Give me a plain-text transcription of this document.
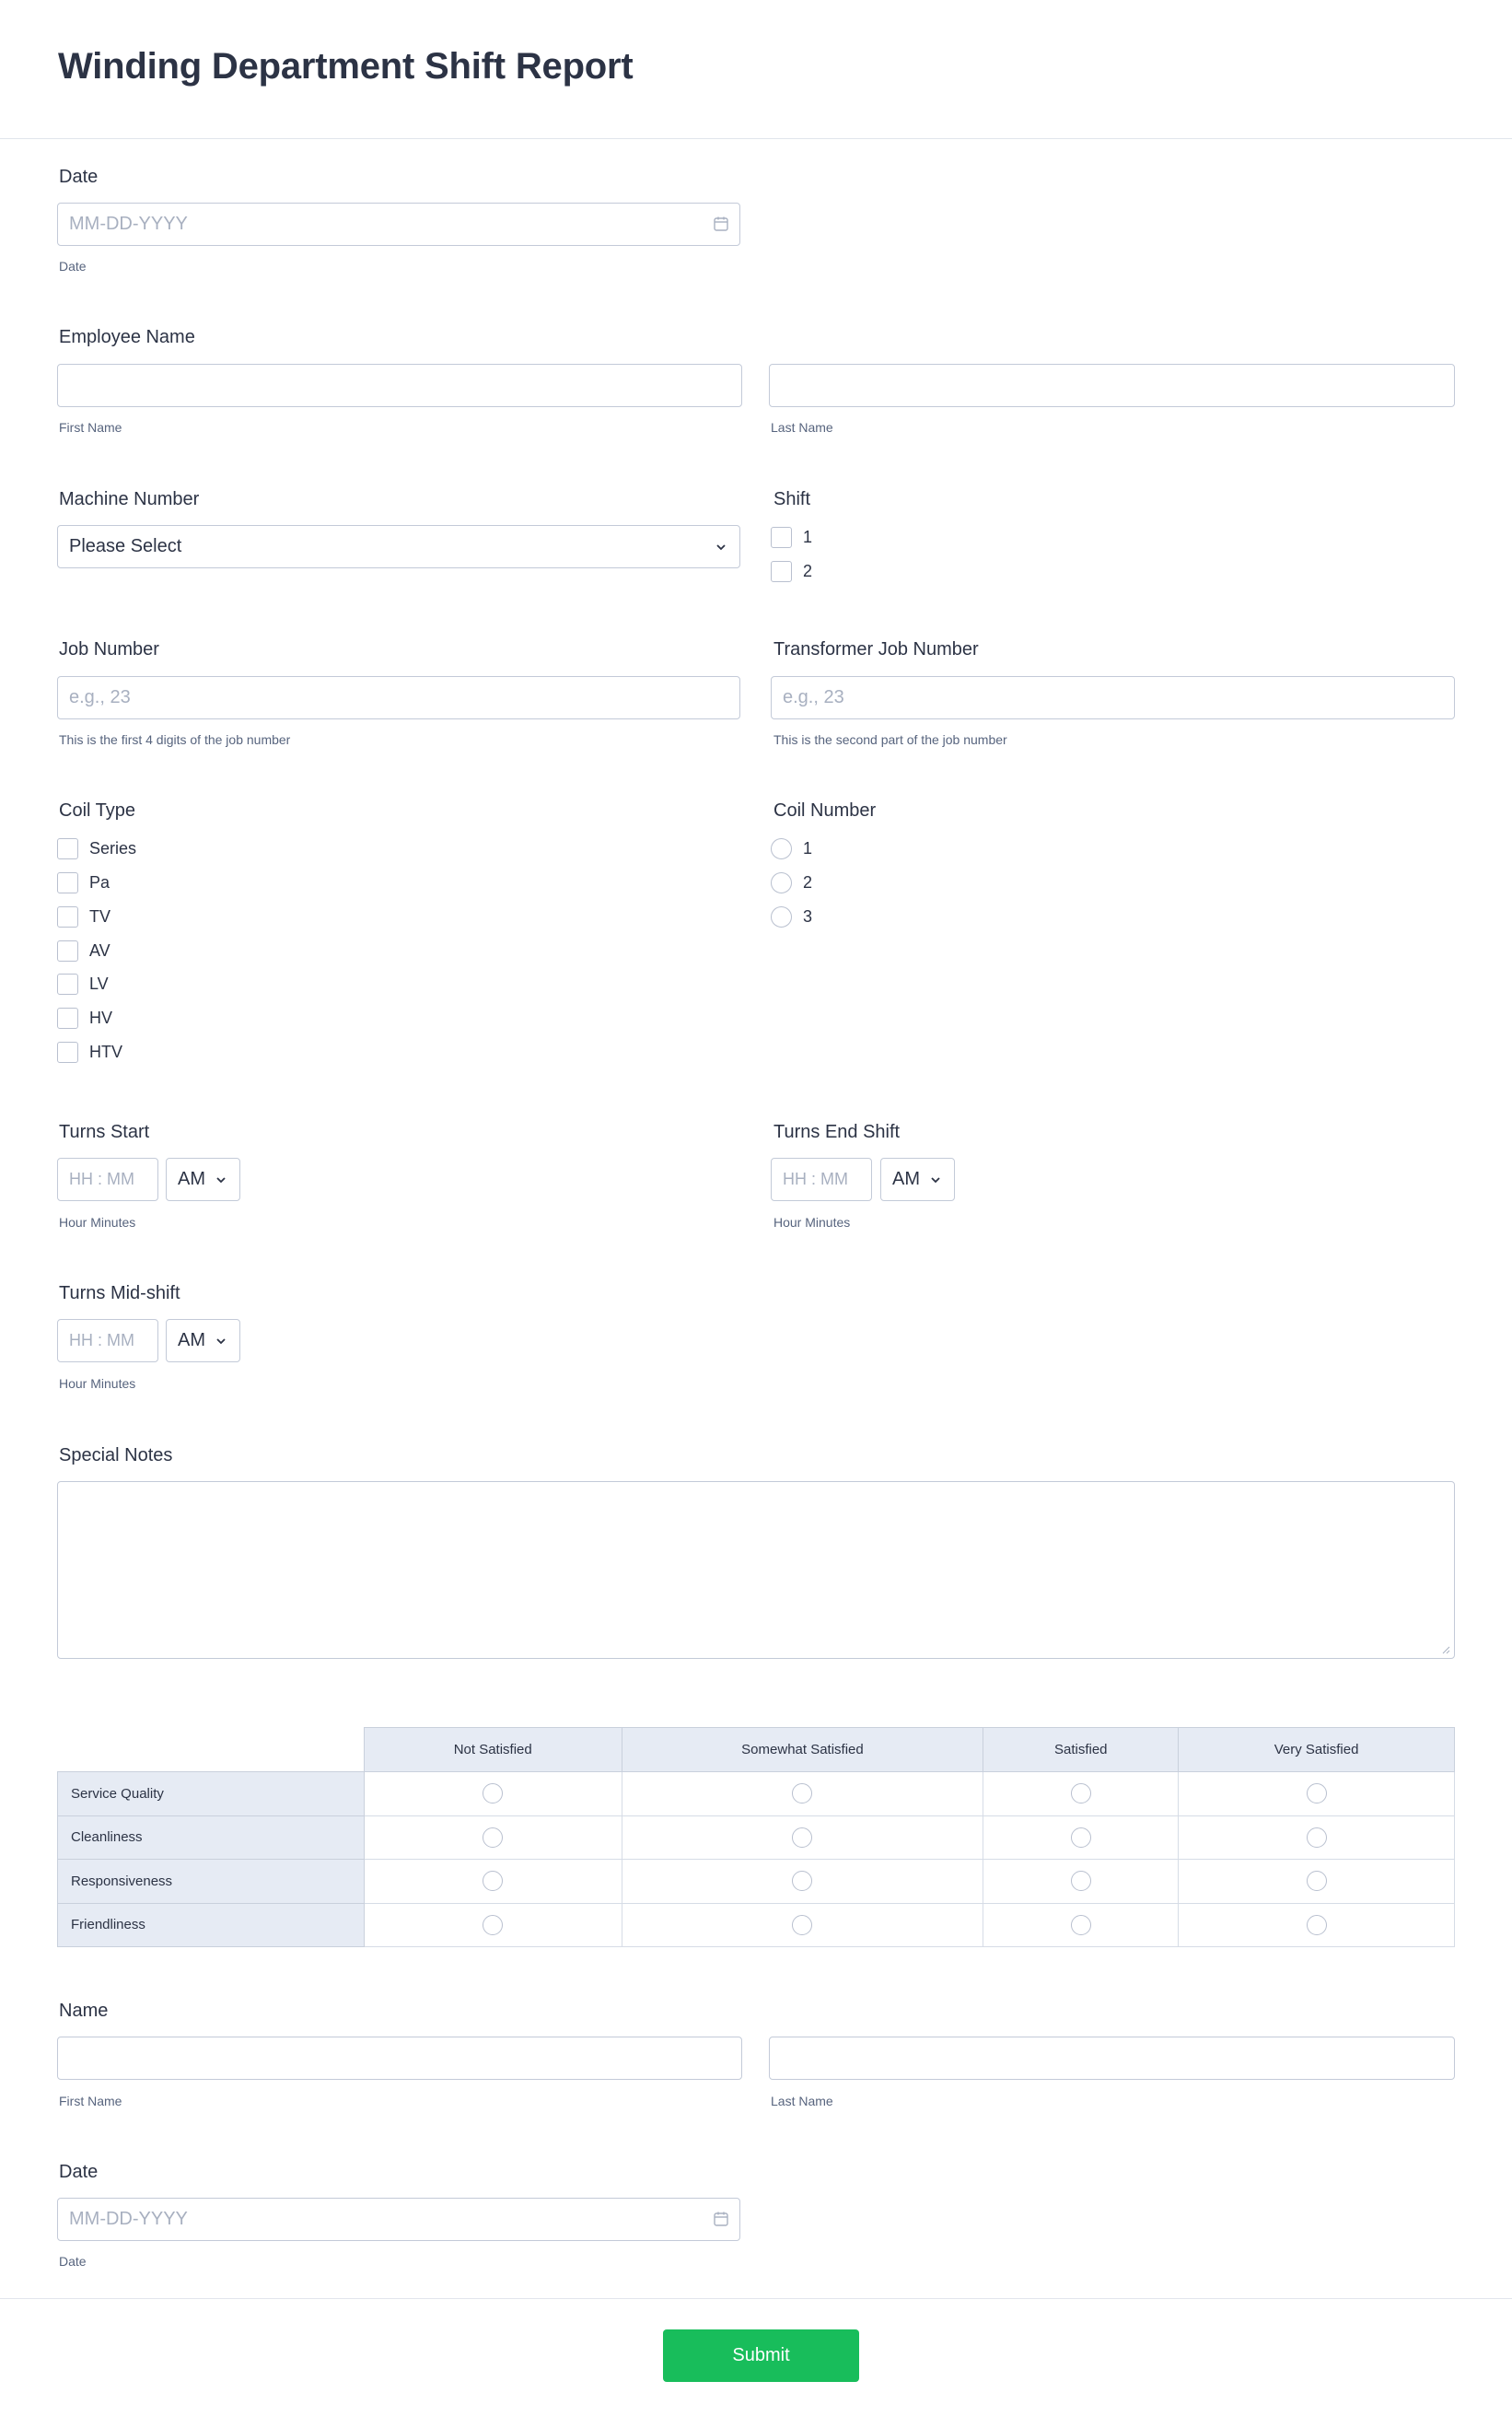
Winding Department Shift Report
Date
MM-DD-YYYY
Date
Employee Name
First Name	Last Name
Machine Number
Please Select
Shift
1
2
Job Number
e.g., 23
This is the first 4 digits of the job number
Transformer Job Number
e.g., 23
This is the second part of the job number
Coil Type
Series
Pa
TV
AV
LV
HV
HTV
Coil Number
1
2
3
Turns Start
HH : MM
AM
Hour Minutes
Turns End Shift
HH : MM
AM
Hour Minutes
Turns Mid-shift
HH : MM
AM
Hour Minutes
Special Notes
	Not Satisfied	Somewhat Satisfied	Satisfied	Very Satisfied
Service Quality				
Cleanliness				
Responsiveness				
Friendliness				
Name
First Name	Last Name
Date
MM-DD-YYYY
Date
Submit
